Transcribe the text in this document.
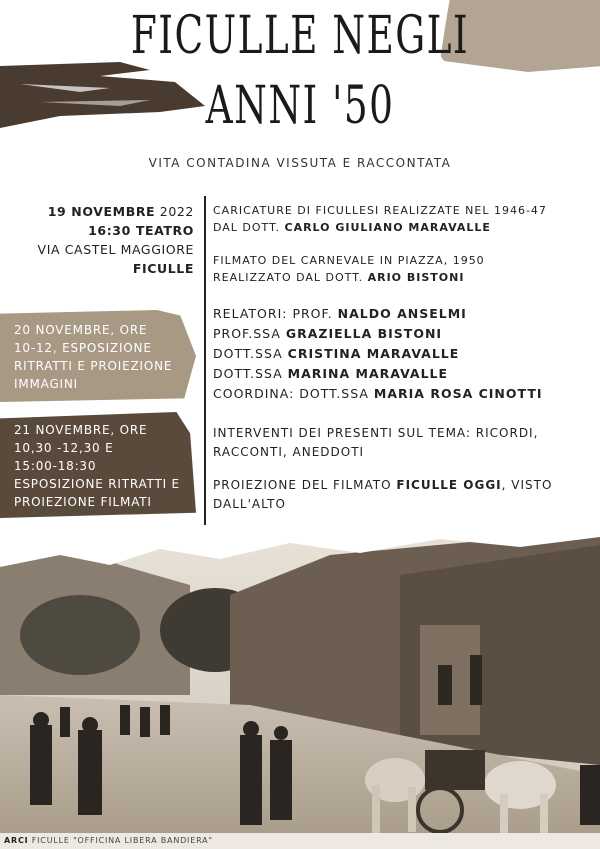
FICULLE NEGLI
ANNI '50
VITA CONTADINA VISSUTA E RACCONTATA
19 NOVEMBRE 2022
16:30 TEATRO
VIA CASTEL MAGGIORE
FICULLE
CARICATURE DI FICULLESI REALIZZATE NEL 1946-47
DAL DOTT. CARLO GIULIANO MARAVALLE
FILMATO DEL CARNEVALE IN PIAZZA, 1950
REALIZZATO DAL DOTT. ARIO BISTONI
RELATORI: PROF. NALDO ANSELMI
PROF.SSA GRAZIELLA BISTONI
DOTT.SSA CRISTINA MARAVALLE
DOTT.SSA MARINA MARAVALLE
COORDINA: DOTT.SSA MARIA ROSA CINOTTI
INTERVENTI DEI PRESENTI SUL TEMA: RICORDI,
RACCONTI, ANEDDOTI
PROIEZIONE DEL FILMATO FICULLE OGGI, VISTO
DALL'ALTO
20 NOVEMBRE, ORE
10-12, ESPOSIZIONE
RITRATTI E PROIEZIONE
IMMAGINI
21 NOVEMBRE, ORE
10,30 -12,30 E
15:00-18:30
ESPOSIZIONE RITRATTI E
PROIEZIONE FILMATI
ARCI FICULLE "OFFICINA LIBERA BANDIERA"
